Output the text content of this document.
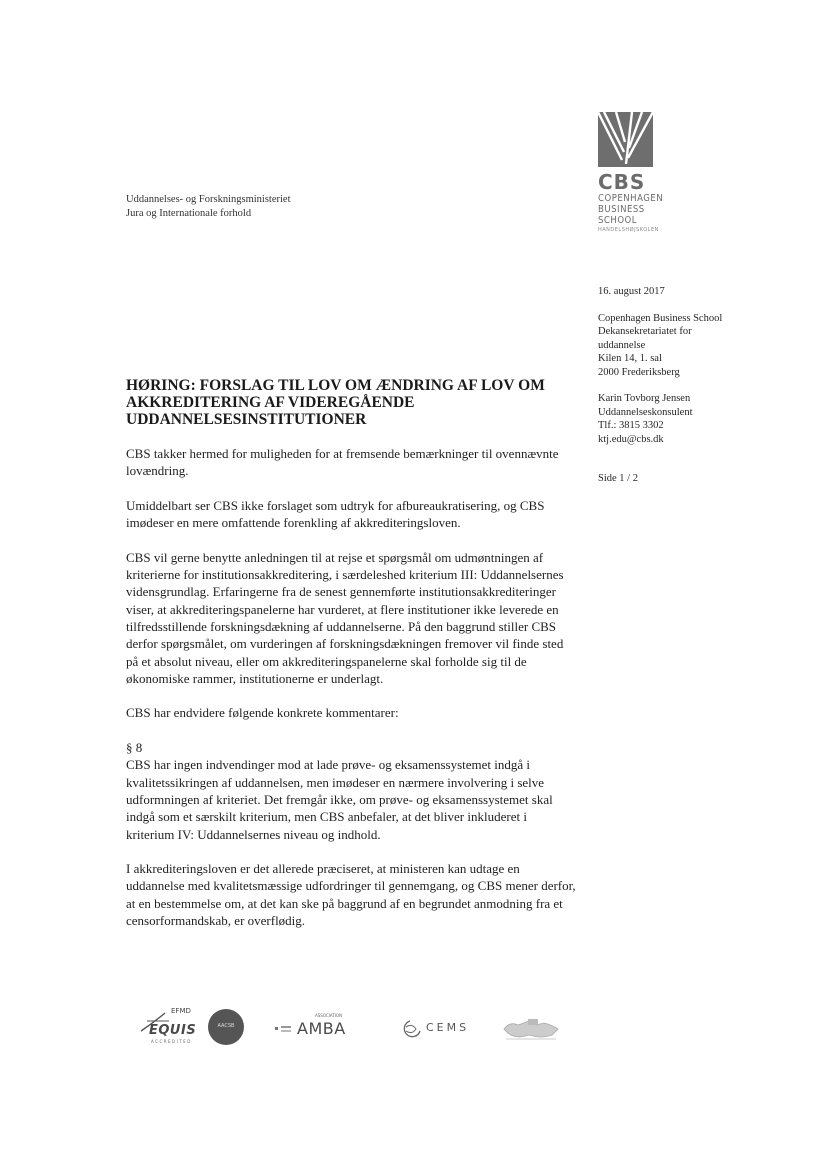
Uddannelses- og Forskningsministeriet
Jura og Internationale forhold
CBS
COPENHAGEN
BUSINESS SCHOOL
HANDELSHØJSKOLEN
16. august 2017
Copenhagen Business School
Dekansekretariatet for
uddannelse
Kilen 14, 1. sal
2000 Frederiksberg
Karin Tovborg Jensen
Uddannelseskonsulent
Tlf.: 3815 3302
ktj.edu@cbs.dk
Side 1 / 2
HØRING: FORSLAG TIL LOV OM ÆNDRING AF LOV OM AKKREDITERING AF VIDEREGÅENDE UDDANNELSESINSTITUTIONER

CBS takker hermed for muligheden for at fremsende bemærkninger til ovennævnte lovændring.

Umiddelbart ser CBS ikke forslaget som udtryk for afbureaukratisering, og CBS imødeser en mere omfattende forenkling af akkrediteringsloven.

CBS vil gerne benytte anledningen til at rejse et spørgsmål om udmøntningen af kriterierne for institutionsakkreditering, i særdeleshed kriterium III: Uddannelsernes vidensgrundlag. Erfaringerne fra de senest gennemførte institutionsakkrediteringer viser, at akkrediteringspanelerne har vurderet, at flere institutioner ikke leverede en tilfredsstillende forskningsdækning af uddannelserne. På den baggrund stiller CBS derfor spørgsmålet, om vurderingen af forskningsdækningen fremover vil finde sted på et absolut niveau, eller om akkrediteringspanelerne skal forholde sig til de økonomiske rammer, institutionerne er underlagt.

CBS har endvidere følgende konkrete kommentarer:

§ 8
CBS har ingen indvendinger mod at lade prøve- og eksamenssystemet indgå i kvalitetssikringen af uddannelsen, men imødeser en nærmere involvering i selve udformningen af kriteriet. Det fremgår ikke, om prøve- og eksamenssystemet skal indgå som et særskilt kriterium, men CBS anbefaler, at det bliver inkluderet i kriterium IV: Uddannelsernes niveau og indhold.

I akkrediteringsloven er det allerede præciseret, at ministeren kan udtage en uddannelse med kvalitetsmæssige udfordringer til gennemgang, og CBS mener derfor, at en bestemmelse om, at det kan ske på baggrund af en begrundet anmodning fra et censorformandskab, er overflødig.

EFMD
EQUIS
ACCREDITED
AACSB
ASSOCIATION
AMBA	CEMS
